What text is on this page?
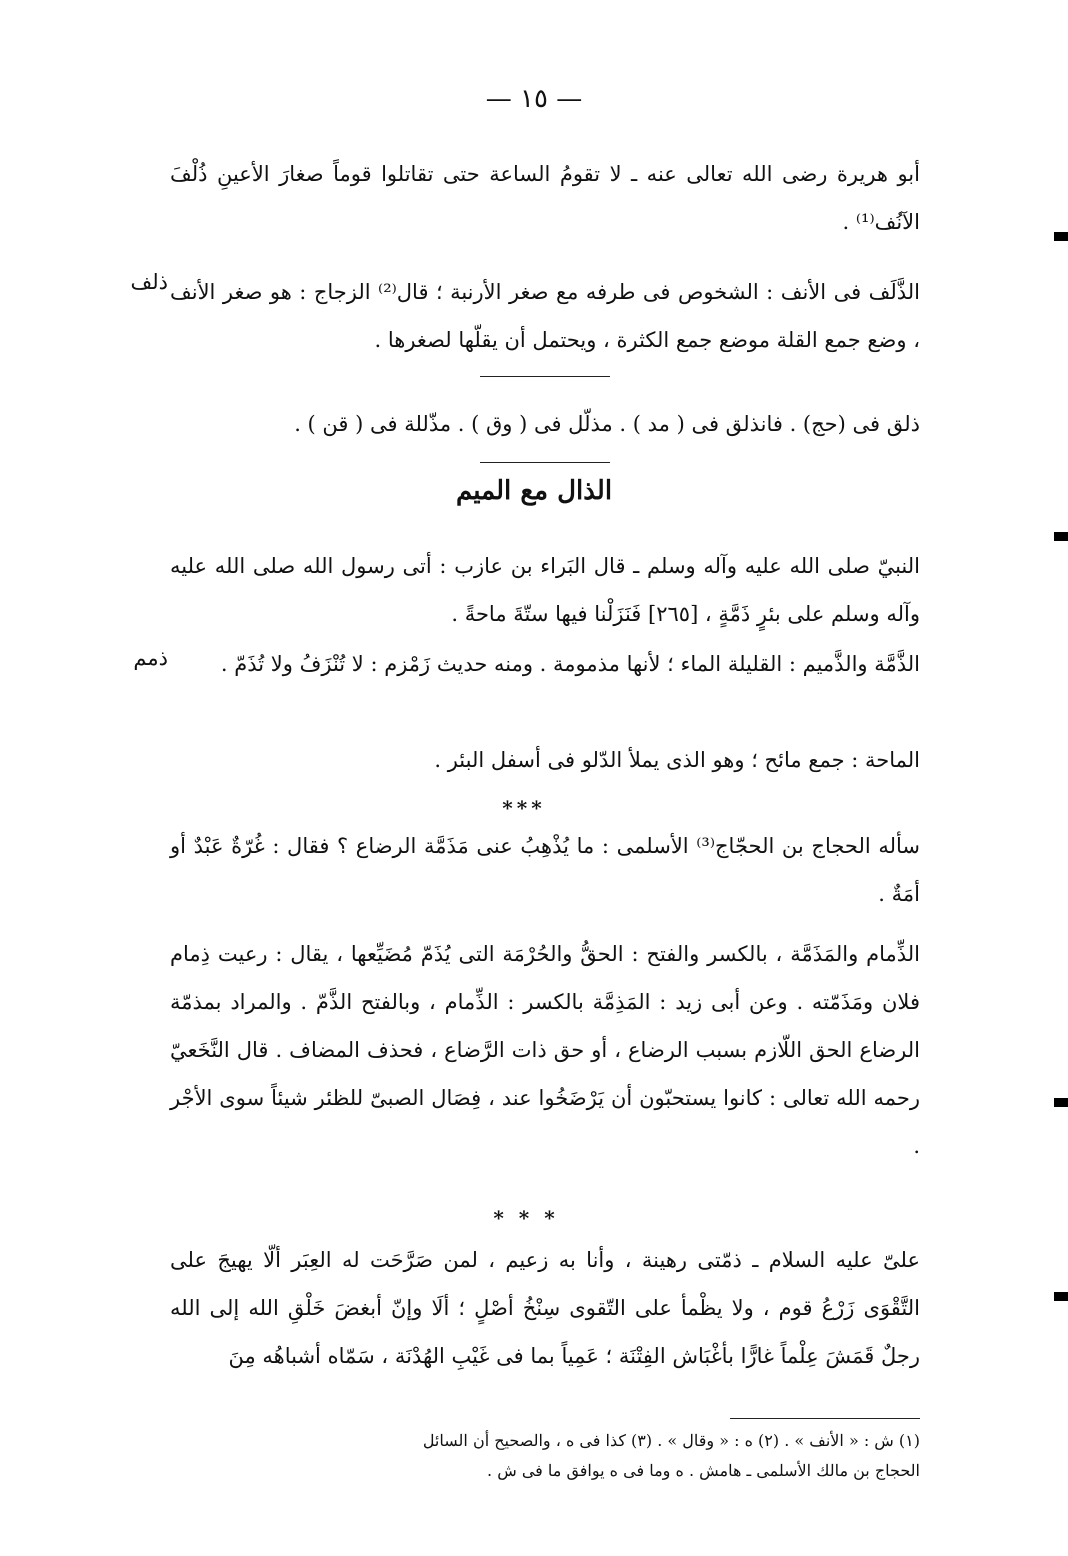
— ١٥ —
أبو هريرة رضى الله تعالى عنه ـ لا تقومُ الساعة حتى تقاتلوا قوماً صغارَ الأعينِ ذُلْفَ الآنُف⁽¹⁾ .
الذَّلَف فى الأنف : الشخوص فى طرفه مع صغر الأرنبة ؛ قال⁽²⁾ الزجاج : هو صغر الأنف ، وضع جمع القلة موضع جمع الكثرة ، ويحتمل أن يقلّها لصغرها .
ذلف
ذلق فى (حج) . فانذلق فى ( مد ) . مذلّل فى ( وق ) . مذّللة فى ( قن ) .
الذال مع الميم
النبيّ صلى الله عليه وآله وسلم ـ قال البَراء بن عازب : أتى رسول الله صلى الله عليه وآله وسلم على بئرٍ ذَمَّةٍ ، [٢٦٥] فَنَزَلْنا فيها ستّةَ ماحةً .
الذَّمَّة والذَّميم : القليلة الماء ؛ لأنها مذمومة . ومنه حديث زَمْزم : لا تُنْزَفُ ولا تُذَمّ .
ذمم
الماحة : جمع مائح ؛ وهو الذى يملأ الدّلو فى أسفل البئر .
***
سأله الحجاج بن الحجّاج⁽³⁾ الأسلمى : ما يُذْهِبُ عنى مَذَمَّة الرضاع ؟ فقال : غُرّةٌ عَبْدٌ أو أمَةٌ .
الذِّمام والمَذَمَّة ، بالكسر والفتح : الحقُّ والحُرْمَة التى يُذَمّ مُضَيِّعها ، يقال : رعيت ذِمام فلان ومَذَمّته . وعن أبى زيد : المَذِمَّة بالكسر : الذِّمام ، وبالفتح الذَّمّ . والمراد بمذمّة الرضاع الحق اللّازم بسبب الرضاع ، أو حق ذات الرَّضاع ، فحذف المضاف . قال النَّخَعيّ رحمه الله تعالى : كانوا يستحبّون أن يَرْضَخُوا عند ، فِصَال الصبىّ للظئر شيئاً سوى الأجْر .
* * *
علىّ عليه السلام ـ ذمّتى رهينة ، وأنا به زعيم ، لمن صَرَّحَت له العِبَر ألّا يهيجَ على التَّقْوَى زَرْعُ قوم ، ولا يظْمأ على التّقوى سِنْخُ أصْلٍ ؛ ألَا وإنّ أبغضَ خَلْقِ الله إلى الله رجلٌ قَمَشَ عِلْماً غارًّا بأغْبَاش الفِتْنَة ؛ عَمِياً بما فى غَيْبِ الهُدْنَة ، سَمّاه أشباهُه مِنَ
(١) ش : « الأنف » . (٢) ه : « وقال » . (٣) كذا فى ه ، والصحيح أن السائل
الحجاج بن مالك الأسلمى ـ هامش . ه وما فى ه يوافق ما فى ش .
